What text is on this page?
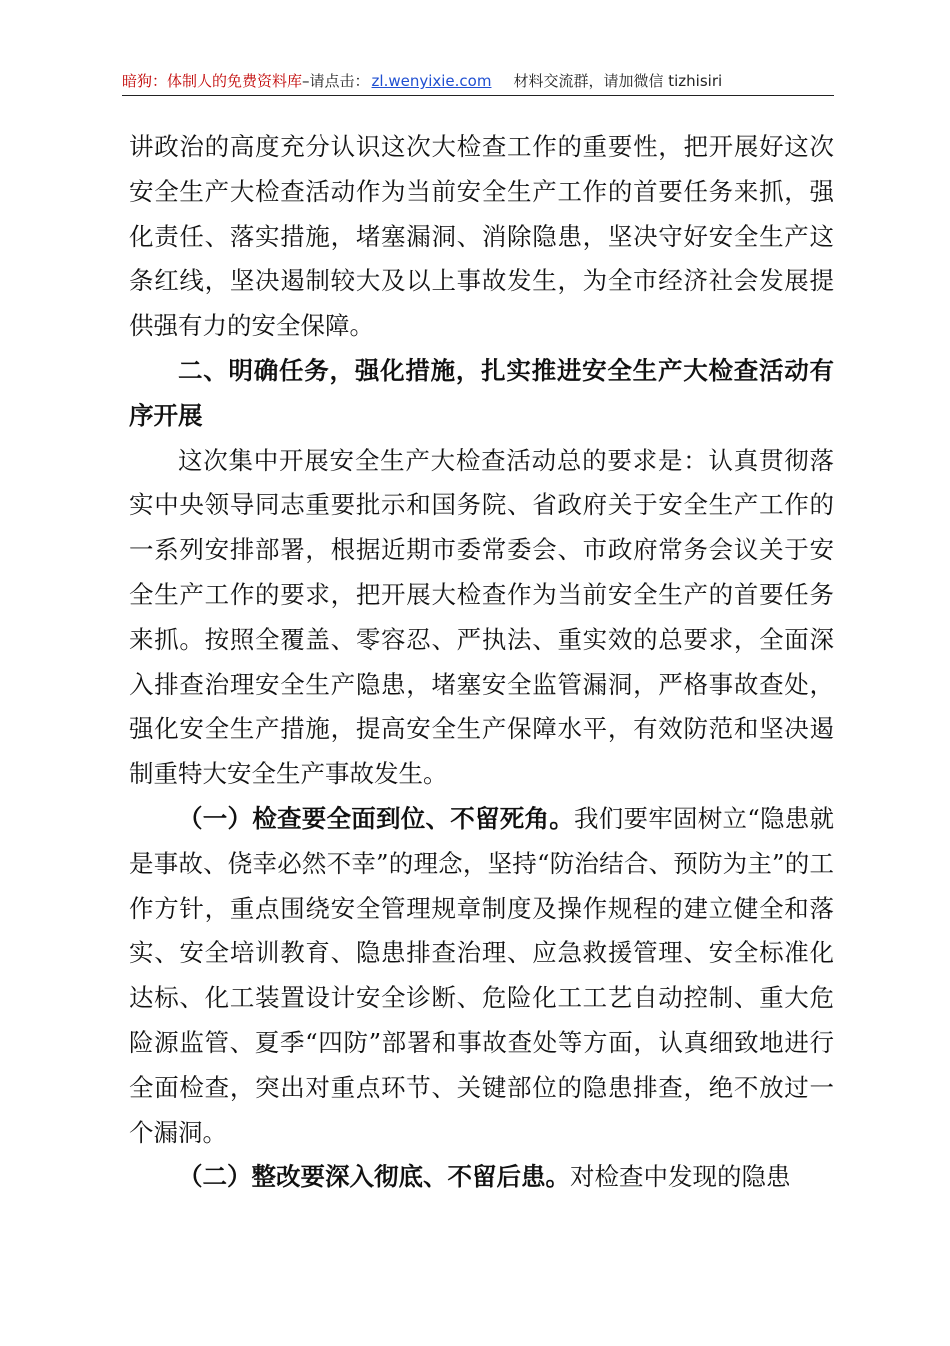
暗狗：体制人的免费资料库–请点击： zl.wenyixie.com 材料交流群，请加微信 tizhisiri

讲政治的高度充分认识这次大检查工作的重要性，把开展好这次安全生产大检查活动作为当前安全生产工作的首要任务来抓，强化责任、落实措施，堵塞漏洞、消除隐患，坚决守好安全生产这条红线，坚决遏制较大及以上事故发生，为全市经济社会发展提供强有力的安全保障。

二、明确任务，强化措施，扎实推进安全生产大检查活动有序开展

这次集中开展安全生产大检查活动总的要求是：认真贯彻落实中央领导同志重要批示和国务院、省政府关于安全生产工作的一系列安排部署，根据近期市委常委会、市政府常务会议关于安全生产工作的要求，把开展大检查作为当前安全生产的首要任务来抓。按照全覆盖、零容忍、严执法、重实效的总要求，全面深入排查治理安全生产隐患，堵塞安全监管漏洞，严格事故查处，强化安全生产措施，提高安全生产保障水平，有效防范和坚决遏制重特大安全生产事故发生。

（一）检查要全面到位、不留死角。我们要牢固树立“隐患就是事故、侥幸必然不幸”的理念，坚持“防治结合、预防为主”的工作方针，重点围绕安全管理规章制度及操作规程的建立健全和落实、安全培训教育、隐患排查治理、应急救援管理、安全标准化达标、化工装置设计安全诊断、危险化工工艺自动控制、重大危险源监管、夏季“四防”部署和事故查处等方面，认真细致地进行全面检查，突出对重点环节、关键部位的隐患排查，绝不放过一个漏洞。

（二）整改要深入彻底、不留后患。对检查中发现的隐患
